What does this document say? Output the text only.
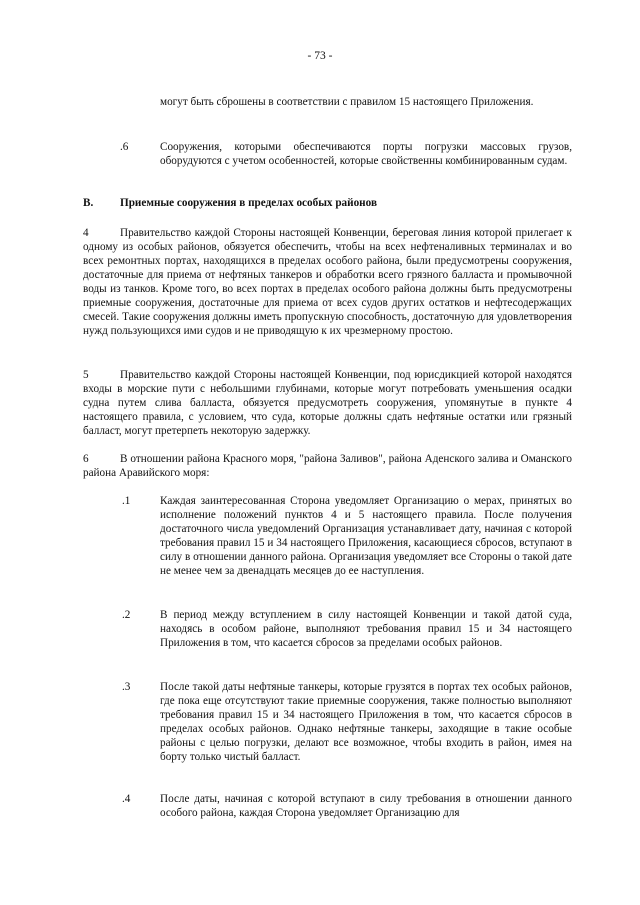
- 73 -

могут быть сброшены в соответствии с правилом 15 настоящего Приложения.

.6	Сооружения, которыми обеспечиваются порты погрузки массовых грузов, оборудуются с учетом особенностей, которые свойственны комбинированным судам.

B. Приемные сооружения в пределах особых районов
4	Правительство каждой Стороны настоящей Конвенции, береговая линия которой прилегает к одному из особых районов, обязуется обеспечить, чтобы на всех нефтеналивных терминалах и во всех ремонтных портах, находящихся в пределах особого района, были предусмотрены сооружения, достаточные для приема от нефтяных танкеров и обработки всего грязного балласта и промывочной воды из танков. Кроме того, во всех портах в пределах особого района должны быть предусмотрены приемные сооружения, достаточные для приема от всех судов других остатков и нефтесодержащих смесей. Такие сооружения должны иметь пропускную способность, достаточную для удовлетворения нужд пользующихся ими судов и не приводящую к их чрезмерному простою.

5	Правительство каждой Стороны настоящей Конвенции, под юрисдикцией которой находятся входы в морские пути с небольшими глубинами, которые могут потребовать уменьшения осадки судна путем слива балласта, обязуется предусмотреть сооружения, упомянутые в пункте 4 настоящего правила, с условием, что суда, которые должны сдать нефтяные остатки или грязный балласт, могут претерпеть некоторую задержку.

6	В отношении района Красного моря, "района Заливов", района Аденского залива и Оманского района Аравийского моря:

.1	Каждая заинтересованная Сторона уведомляет Организацию о мерах, принятых во исполнение положений пунктов 4 и 5 настоящего правила. После получения достаточного числа уведомлений Организация устанавливает дату, начиная с которой требования правил 15 и 34 настоящего Приложения, касающиеся сбросов, вступают в силу в отношении данного района. Организация уведомляет все Стороны о такой дате не менее чем за двенадцать месяцев до ее наступления.

.2	В период между вступлением в силу настоящей Конвенции и такой датой суда, находясь в особом районе, выполняют требования правил 15 и 34 настоящего Приложения в том, что касается сбросов за пределами особых районов.

.3	После такой даты нефтяные танкеры, которые грузятся в портах тех особых районов, где пока еще отсутствуют такие приемные сооружения, также полностью выполняют требования правил 15 и 34 настоящего Приложения в том, что касается сбросов в пределах особых районов. Однако нефтяные танкеры, заходящие в такие особые районы с целью погрузки, делают все возможное, чтобы входить в район, имея на борту только чистый балласт.

.4	После даты, начиная с которой вступают в силу требования в отношении данного особого района, каждая Сторона уведомляет Организацию для
